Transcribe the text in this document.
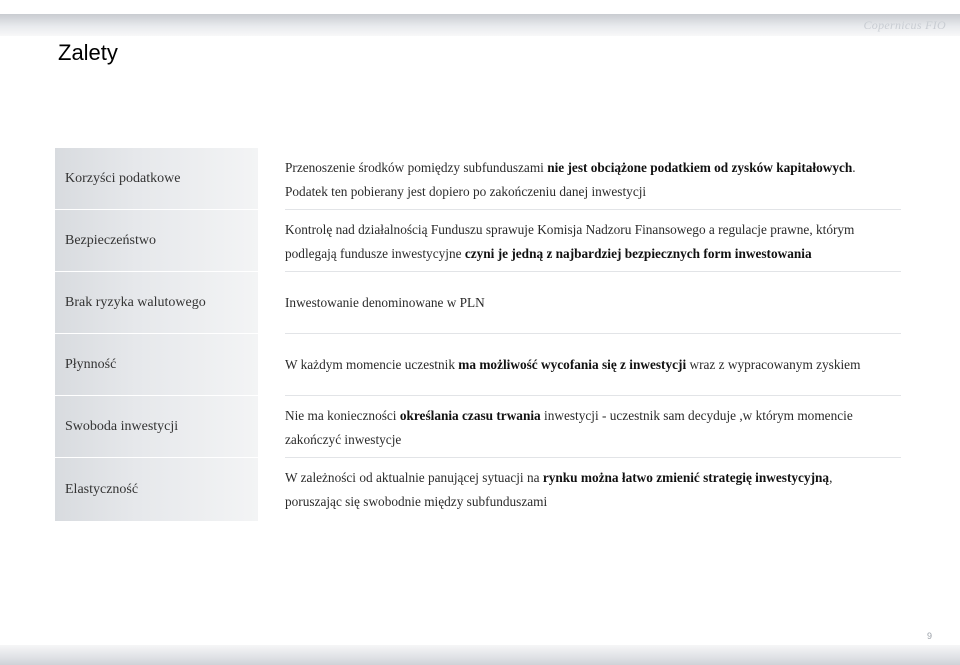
Copernicus FIO
Zalety
Korzyści podatkowe

Przenoszenie środków pomiędzy subfunduszami nie jest obciążone podatkiem od zysków kapitałowych.

Podatek ten pobierany jest dopiero po zakończeniu danej inwestycji

Bezpieczeństwo

Kontrolę nad działalnością Funduszu sprawuje Komisja Nadzoru Finansowego a regulacje prawne, którym

podlegają fundusze inwestycyjne czyni je jedną z najbardziej bezpiecznych form inwestowania

Brak ryzyka walutowego	Inwestowanie denominowane w PLN

Płynność	W każdym momencie uczestnik ma możliwość wycofania się z inwestycji wraz z wypracowanym zyskiem

Swoboda inwestycji

Nie ma konieczności określania czasu trwania inwestycji - uczestnik sam decyduje ,w którym momencie

zakończyć inwestycje

Elastyczność

W zależności od aktualnie panującej sytuacji na rynku można łatwo zmienić strategię inwestycyjną,

poruszając się swobodnie między subfunduszami

9
